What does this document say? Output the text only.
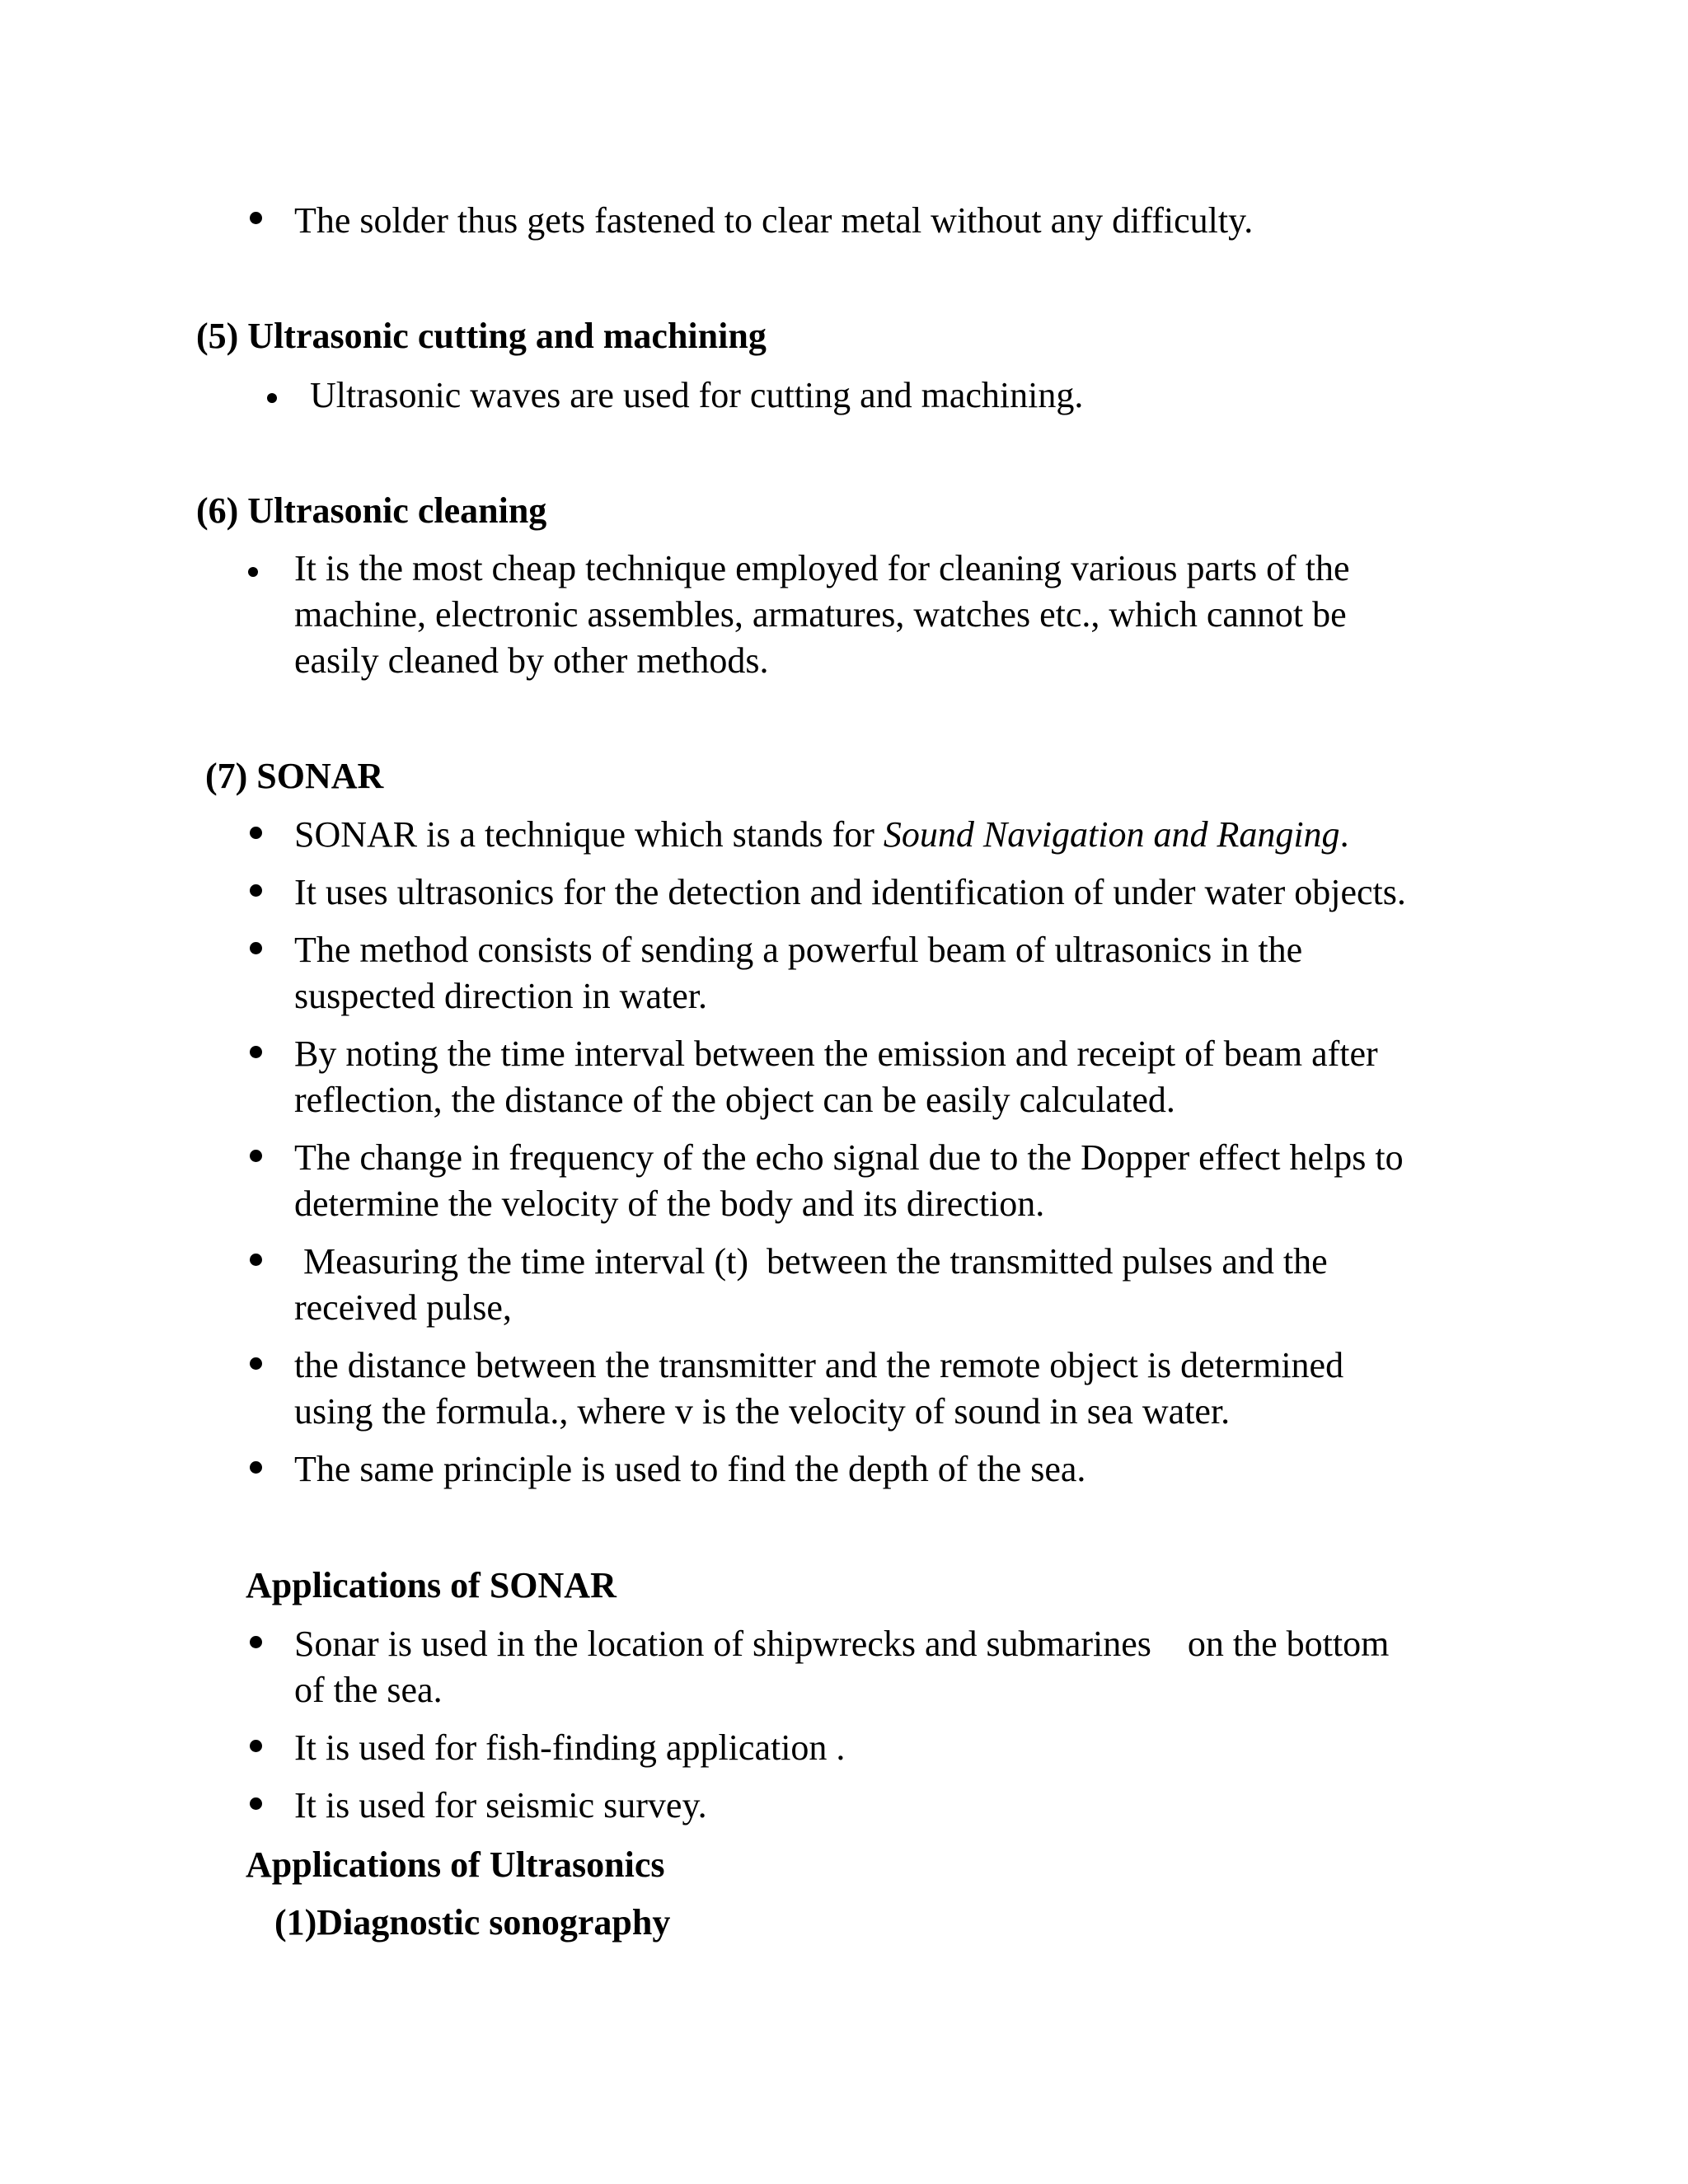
The solder thus gets fastened to clear metal without any difficulty.
(5) Ultrasonic cutting and machining
Ultrasonic waves are used for cutting and machining.
(6) Ultrasonic cleaning
It is the most cheap technique employed for cleaning various parts of the
machine, electronic assembles, armatures, watches etc., which cannot be
easily cleaned by other methods.
(7) SONAR
SONAR is a technique which stands for Sound Navigation and Ranging.
It uses ultrasonics for the detection and identification of under water objects.
The method consists of sending a powerful beam of ultrasonics in the
suspected direction in water.
By noting the time interval between the emission and receipt of beam after
reflection, the distance of the object can be easily calculated.
The change in frequency of the echo signal due to the Dopper effect helps to
determine the velocity of the body and its direction.
Measuring the time interval (t)  between the transmitted pulses and the
received pulse,
the distance between the transmitter and the remote object is determined
using the formula., where v is the velocity of sound in sea water.
The same principle is used to find the depth of the sea.
Applications of SONAR
Sonar is used in the location of shipwrecks and submarines    on the bottom
of the sea.
It is used for fish-finding application .
It is used for seismic survey.
Applications of Ultrasonics
(1)Diagnostic sonography
